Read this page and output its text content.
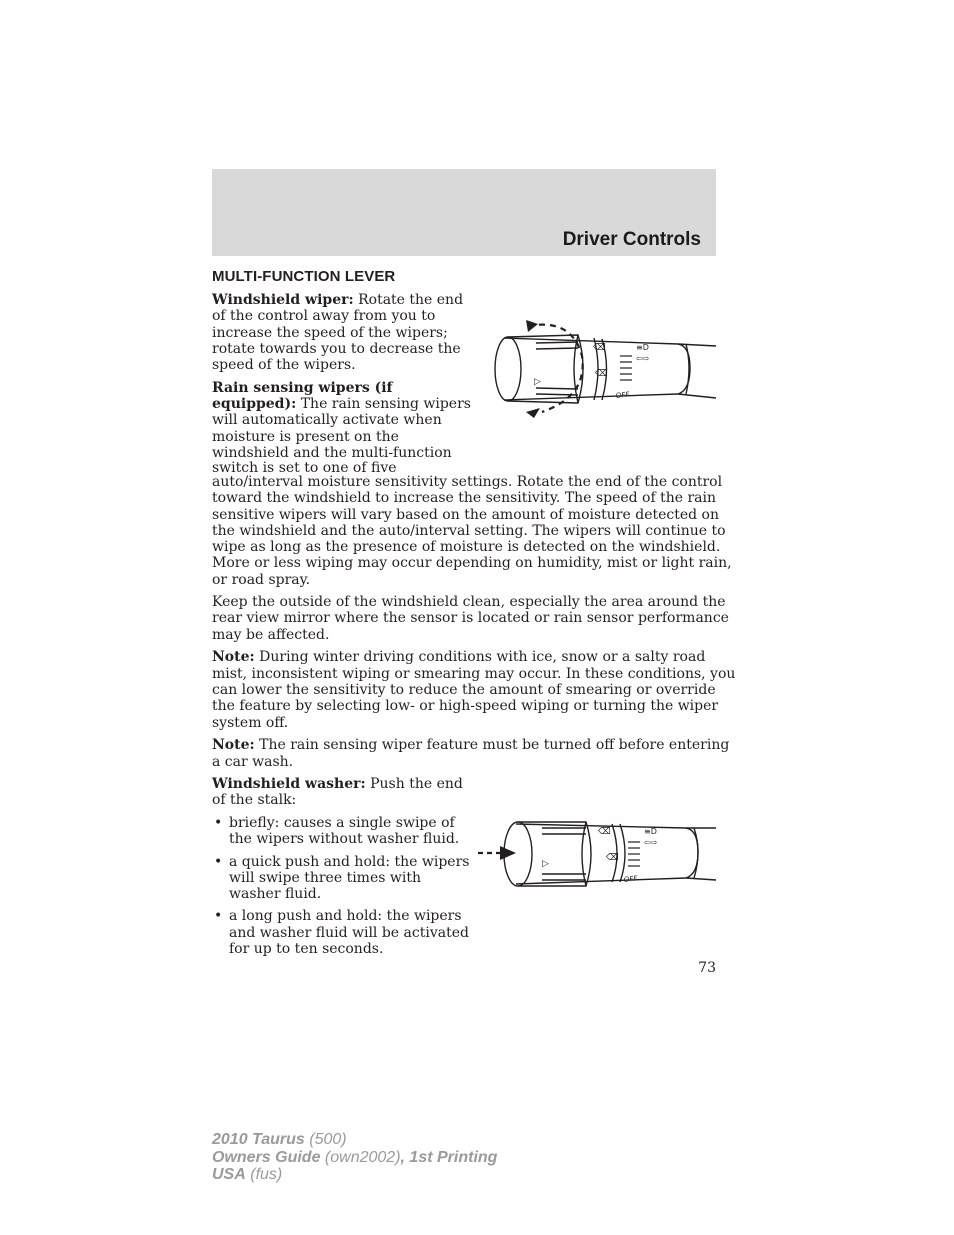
Driver Controls
MULTI-FUNCTION LEVER

Windshield wiper: Rotate the end

of the control away from you to

increase the speed of the wipers;

rotate towards you to decrease the

speed of the wipers.

Rain sensing wipers (if

equipped): The rain sensing wipers

will automatically activate when

moisture is present on the

windshield and the multi-function

switch is set to one of five

auto/interval moisture sensitivity settings. Rotate the end of the control

toward the windshield to increase the sensitivity. The speed of the rain

sensitive wipers will vary based on the amount of moisture detected on

the windshield and the auto/interval setting. The wipers will continue to

wipe as long as the presence of moisture is detected on the windshield.

More or less wiping may occur depending on humidity, mist or light rain,

or road spray.

Keep the outside of the windshield clean, especially the area around the

rear view mirror where the sensor is located or rain sensor performance

may be affected.

Note: During winter driving conditions with ice, snow or a salty road

mist, inconsistent wiping or smearing may occur. In these conditions, you

can lower the sensitivity to reduce the amount of smearing or override

the feature by selecting low- or high-speed wiping or turning the wiper

system off.

Note: The rain sensing wiper feature must be turned off before entering

a car wash.

Windshield washer: Push the end

of the stalk:

• briefly: causes a single swipe of
the wipers without washer fluid.
• a quick push and hold: the wipers
will swipe three times with
washer fluid.
• a long push and hold: the wipers
and washer fluid will be activated
for up to ten seconds.
▷
⌫
⌫
≡D
⇦⇨
OFF
▷
⌫
⌫
≡D
⇦⇨
OFF
73
2010 Taurus (500)
Owners Guide (own2002), 1st Printing
USA (fus)
